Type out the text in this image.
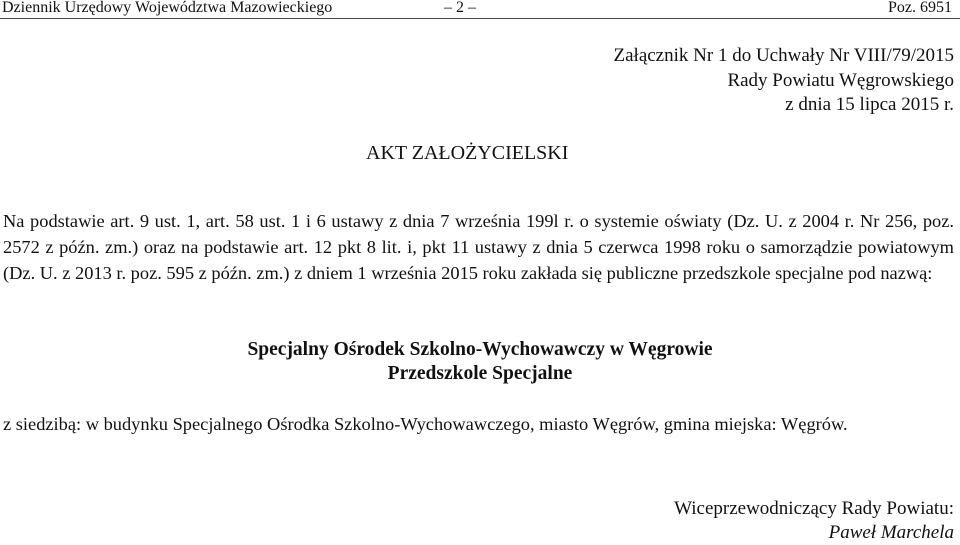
Dziennik Urzędowy Województwa Mazowieckiego	– 2 –	Poz. 6951
Załącznik Nr 1 do Uchwały Nr VIII/79/2015
Rady Powiatu Węgrowskiego
z dnia 15 lipca 2015 r.
AKT ZAŁOŻYCIELSKI
Na podstawie art. 9 ust. 1, art. 58 ust. 1 i 6 ustawy z dnia 7 września 199l r. o systemie oświaty (Dz. U. z 2004 r. Nr 256, poz. 2572 z późn. zm.) oraz na podstawie art. 12 pkt 8 lit. i, pkt 11 ustawy z dnia 5 czerwca 1998 roku o samorządzie powiatowym (Dz. U. z 2013 r. poz. 595 z późn. zm.) z dniem 1 września 2015 roku zakłada się publiczne przedszkole specjalne pod nazwą:
Specjalny Ośrodek Szkolno-Wychowawczy w Węgrowie
Przedszkole Specjalne
z siedzibą: w budynku Specjalnego Ośrodka Szkolno-Wychowawczego, miasto Węgrów, gmina miejska: Węgrów.
Wiceprzewodniczący Rady Powiatu:
Paweł Marchela
